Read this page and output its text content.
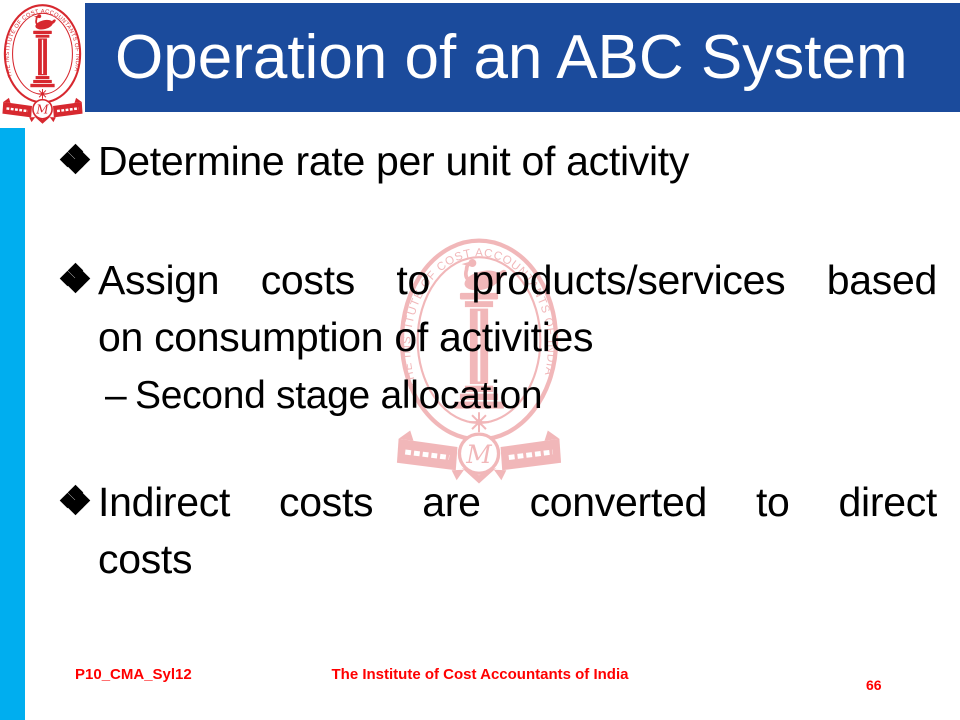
Operation of an ABC System
Determine rate per unit of activity
Assign costs to products/services based
on consumption of activities
– Second stage allocation
Indirect costs are converted to direct
costs
P10_CMA_Syl12	The Institute of Cost Accountants of India
66
